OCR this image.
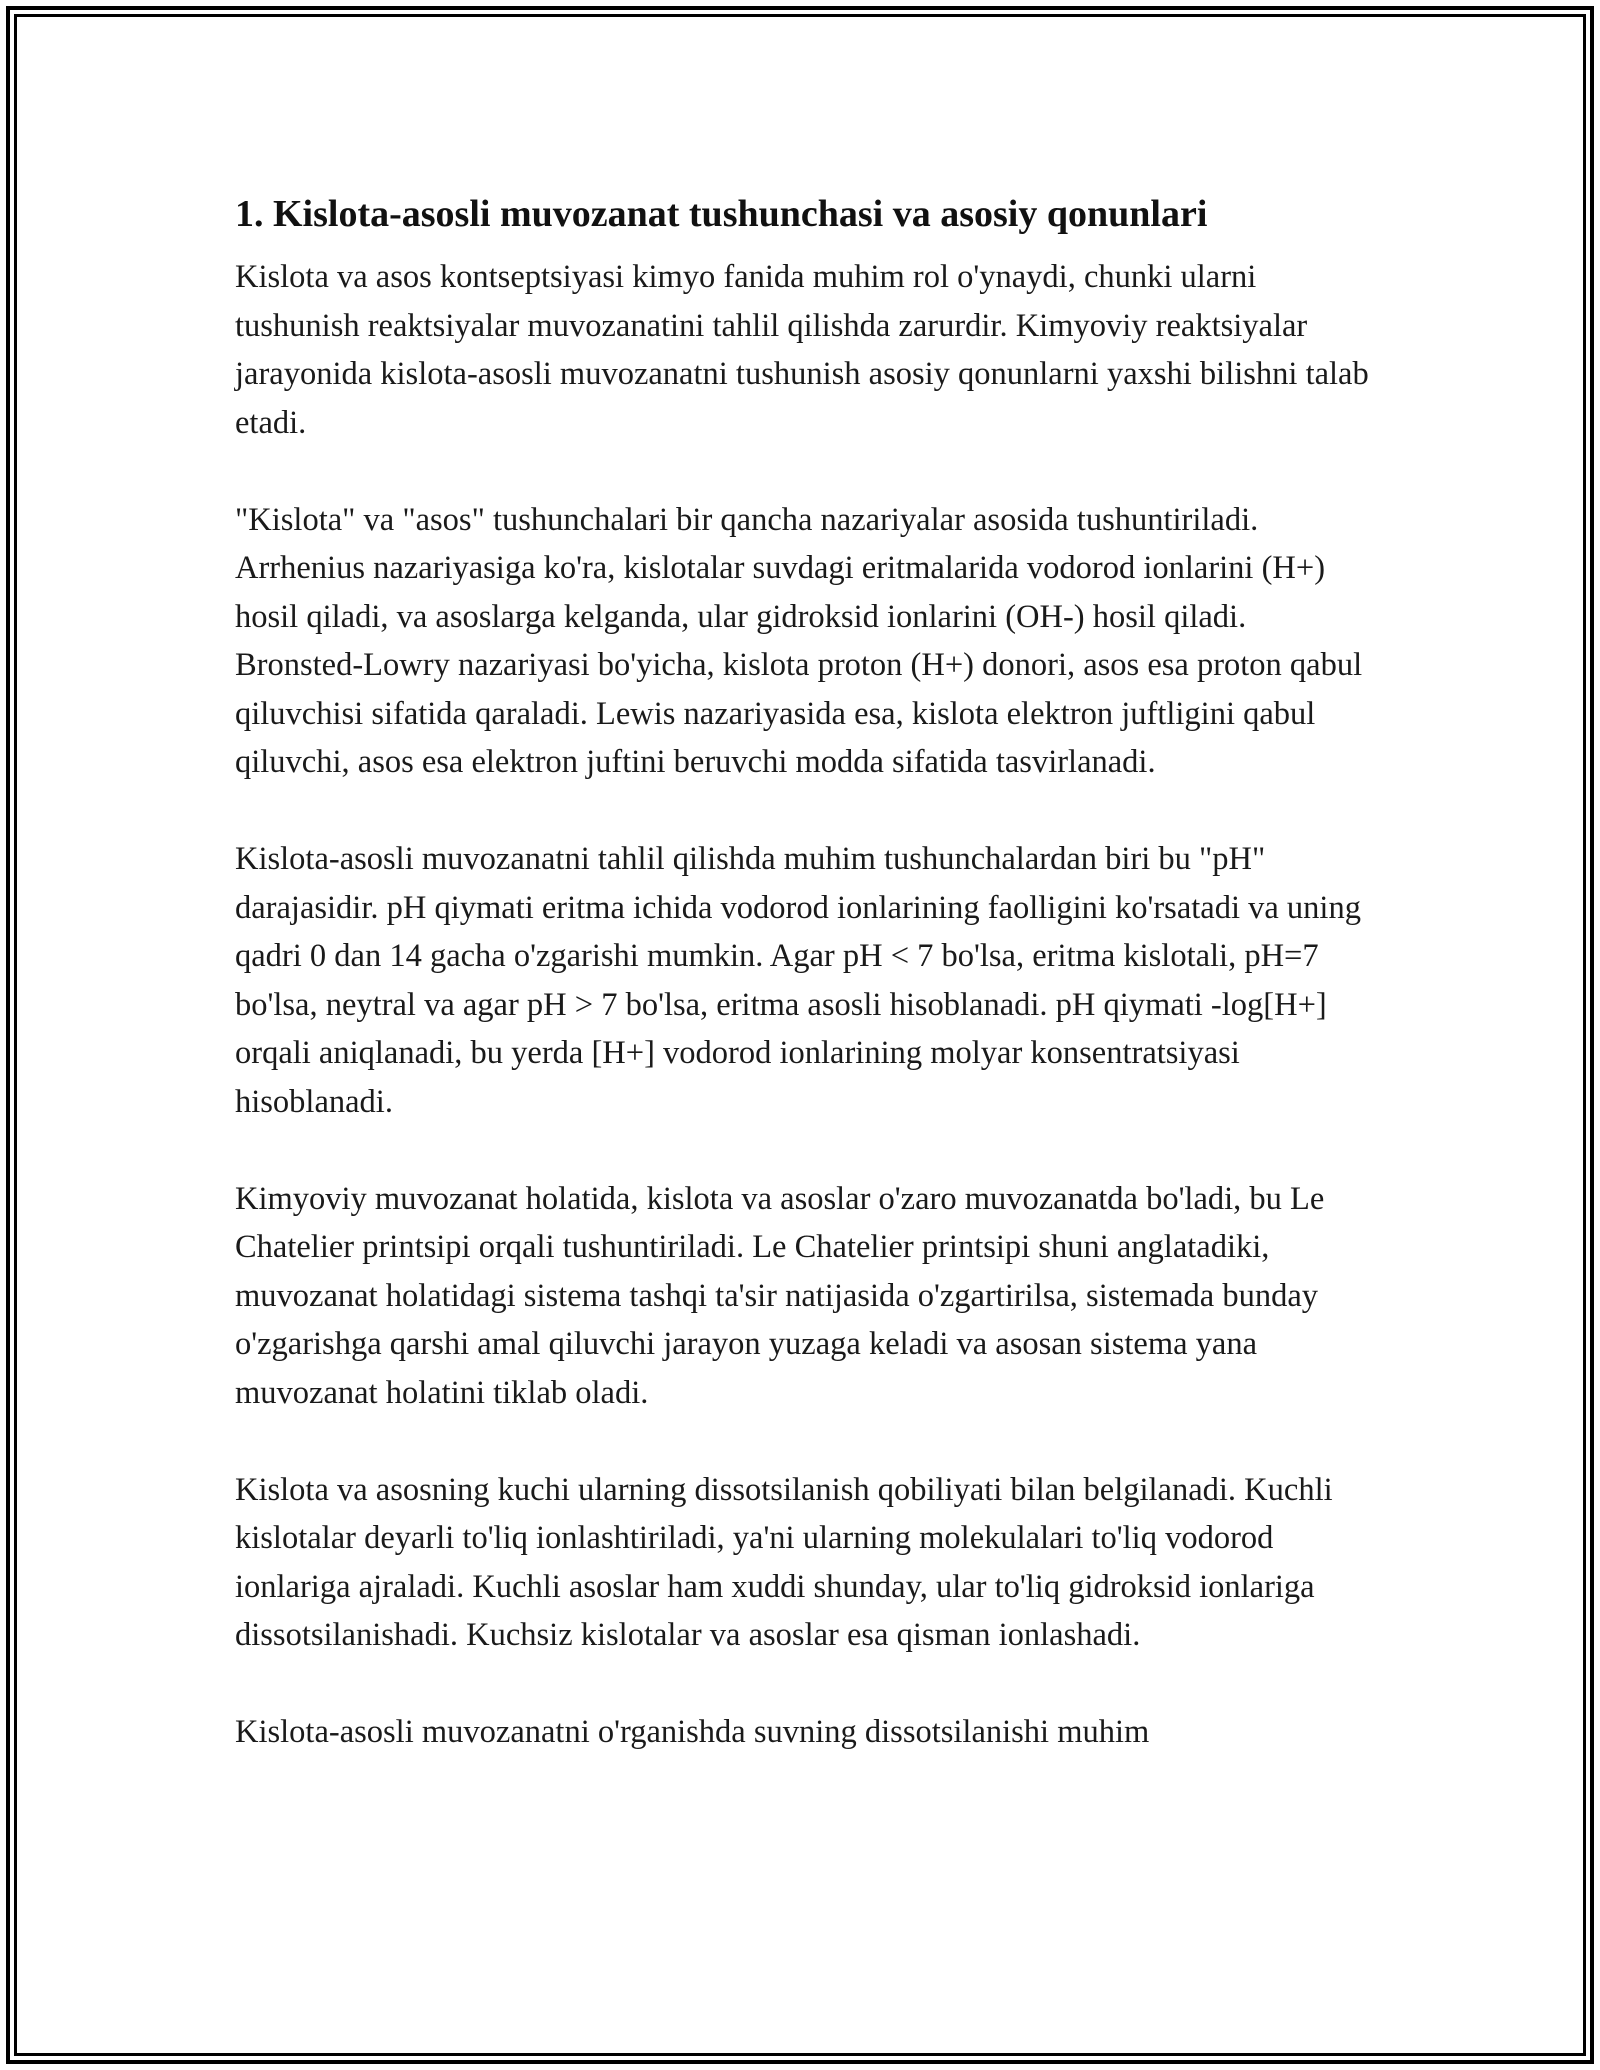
1. Kislota-asosli muvozanat tushunchasi va asosiy qonunlari

Kislota va asos kontseptsiyasi kimyo fanida muhim rol o'ynaydi, chunki ularni tushunish reaktsiyalar muvozanatini tahlil qilishda zarurdir. Kimyoviy reaktsiyalar jarayonida kislota-asosli muvozanatni tushunish asosiy qonunlarni yaxshi bilishni talab etadi.

"Kislota" va "asos" tushunchalari bir qancha nazariyalar asosida tushuntiriladi. Arrhenius nazariyasiga ko'ra, kislotalar suvdagi eritmalarida vodorod ionlarini (H+) hosil qiladi, va asoslarga kelganda, ular gidroksid ionlarini (OH-) hosil qiladi. Bronsted-Lowry nazariyasi bo'yicha, kislota proton (H+) donori, asos esa proton qabul qiluvchisi sifatida qaraladi. Lewis nazariyasida esa, kislota elektron juftligini qabul qiluvchi, asos esa elektron juftini beruvchi modda sifatida tasvirlanadi.

Kislota-asosli muvozanatni tahlil qilishda muhim tushunchalardan biri bu "pH" darajasidir. pH qiymati eritma ichida vodorod ionlarining faolligini ko'rsatadi va uning qadri 0 dan 14 gacha o'zgarishi mumkin. Agar pH < 7 bo'lsa, eritma kislotali, pH=7 bo'lsa, neytral va agar pH > 7 bo'lsa, eritma asosli hisoblanadi. pH qiymati -log[H+] orqali aniqlanadi, bu yerda [H+] vodorod ionlarining molyar konsentratsiyasi hisoblanadi.

Kimyoviy muvozanat holatida, kislota va asoslar o'zaro muvozanatda bo'ladi, bu Le Chatelier printsipi orqali tushuntiriladi. Le Chatelier printsipi shuni anglatadiki, muvozanat holatidagi sistema tashqi ta'sir natijasida o'zgartirilsa, sistemada bunday o'zgarishga qarshi amal qiluvchi jarayon yuzaga keladi va asosan sistema yana muvozanat holatini tiklab oladi.

Kislota va asosning kuchi ularning dissotsilanish qobiliyati bilan belgilanadi. Kuchli kislotalar deyarli to'liq ionlashtiriladi, ya'ni ularning molekulalari to'liq vodorod ionlariga ajraladi. Kuchli asoslar ham xuddi shunday, ular to'liq gidroksid ionlariga dissotsilanishadi. Kuchsiz kislotalar va asoslar esa qisman ionlashadi.

Kislota-asosli muvozanatni o'rganishda suvning dissotsilanishi muhim
